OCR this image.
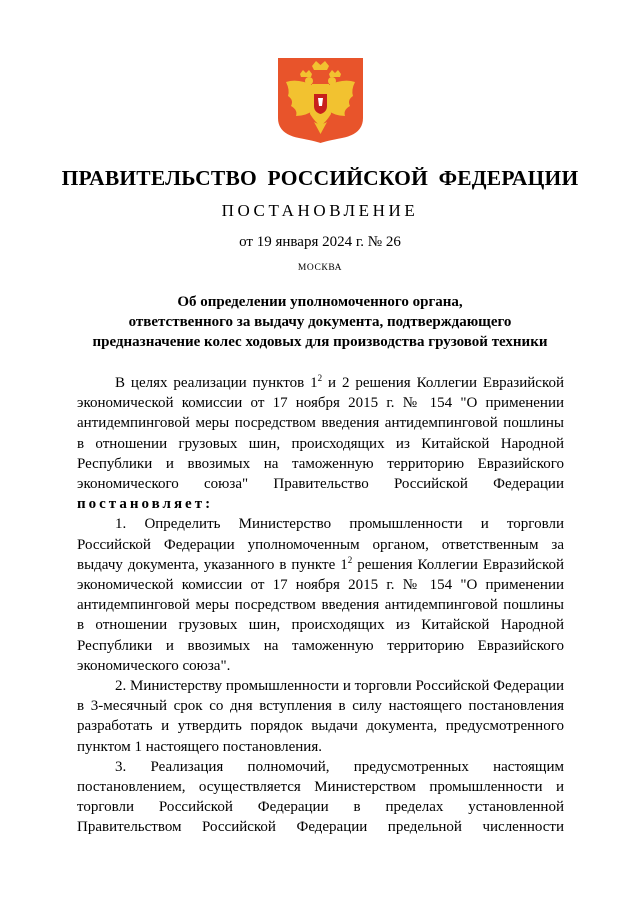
ПРАВИТЕЛЬСТВО РОССИЙСКОЙ ФЕДЕРАЦИИ
ПОСТАНОВЛЕНИЕ
от 19 января 2024 г. № 26
МОСКВА
Об определении уполномоченного органа,
ответственного за выдачу документа, подтверждающего
предназначение колес ходовых для производства грузовой техники

В целях реализации пунктов $1^2$ и 2 решения Коллегии Евразийской экономической комиссии от 17 ноября 2015 г. № 154 "О применении антидемпинговой меры посредством введения антидемпинговой пошлины в отношении грузовых шин, происходящих из Китайской Народной Республики и ввозимых на таможенную территорию Евразийского экономического союза" Правительство Российской Федерации постановляет:

1. Определить Министерство промышленности и торговли Российской Федерации уполномоченным органом, ответственным за выдачу документа, указанного в пункте $1^2$ решения Коллегии Евразийской экономической комиссии от 17 ноября 2015 г. № 154 "О применении антидемпинговой меры посредством введения антидемпинговой пошлины в отношении грузовых шин, происходящих из Китайской Народной Республики и ввозимых на таможенную территорию Евразийского экономического союза".

2. Министерству промышленности и торговли Российской Федерации в 3-месячный срок со дня вступления в силу настоящего постановления разработать и утвердить порядок выдачи документа, предусмотренного пунктом 1 настоящего постановления.

3. Реализация полномочий, предусмотренных настоящим постановлением, осуществляется Министерством промышленности и торговли Российской Федерации в пределах установленной Правительством Российской Федерации предельной численности
